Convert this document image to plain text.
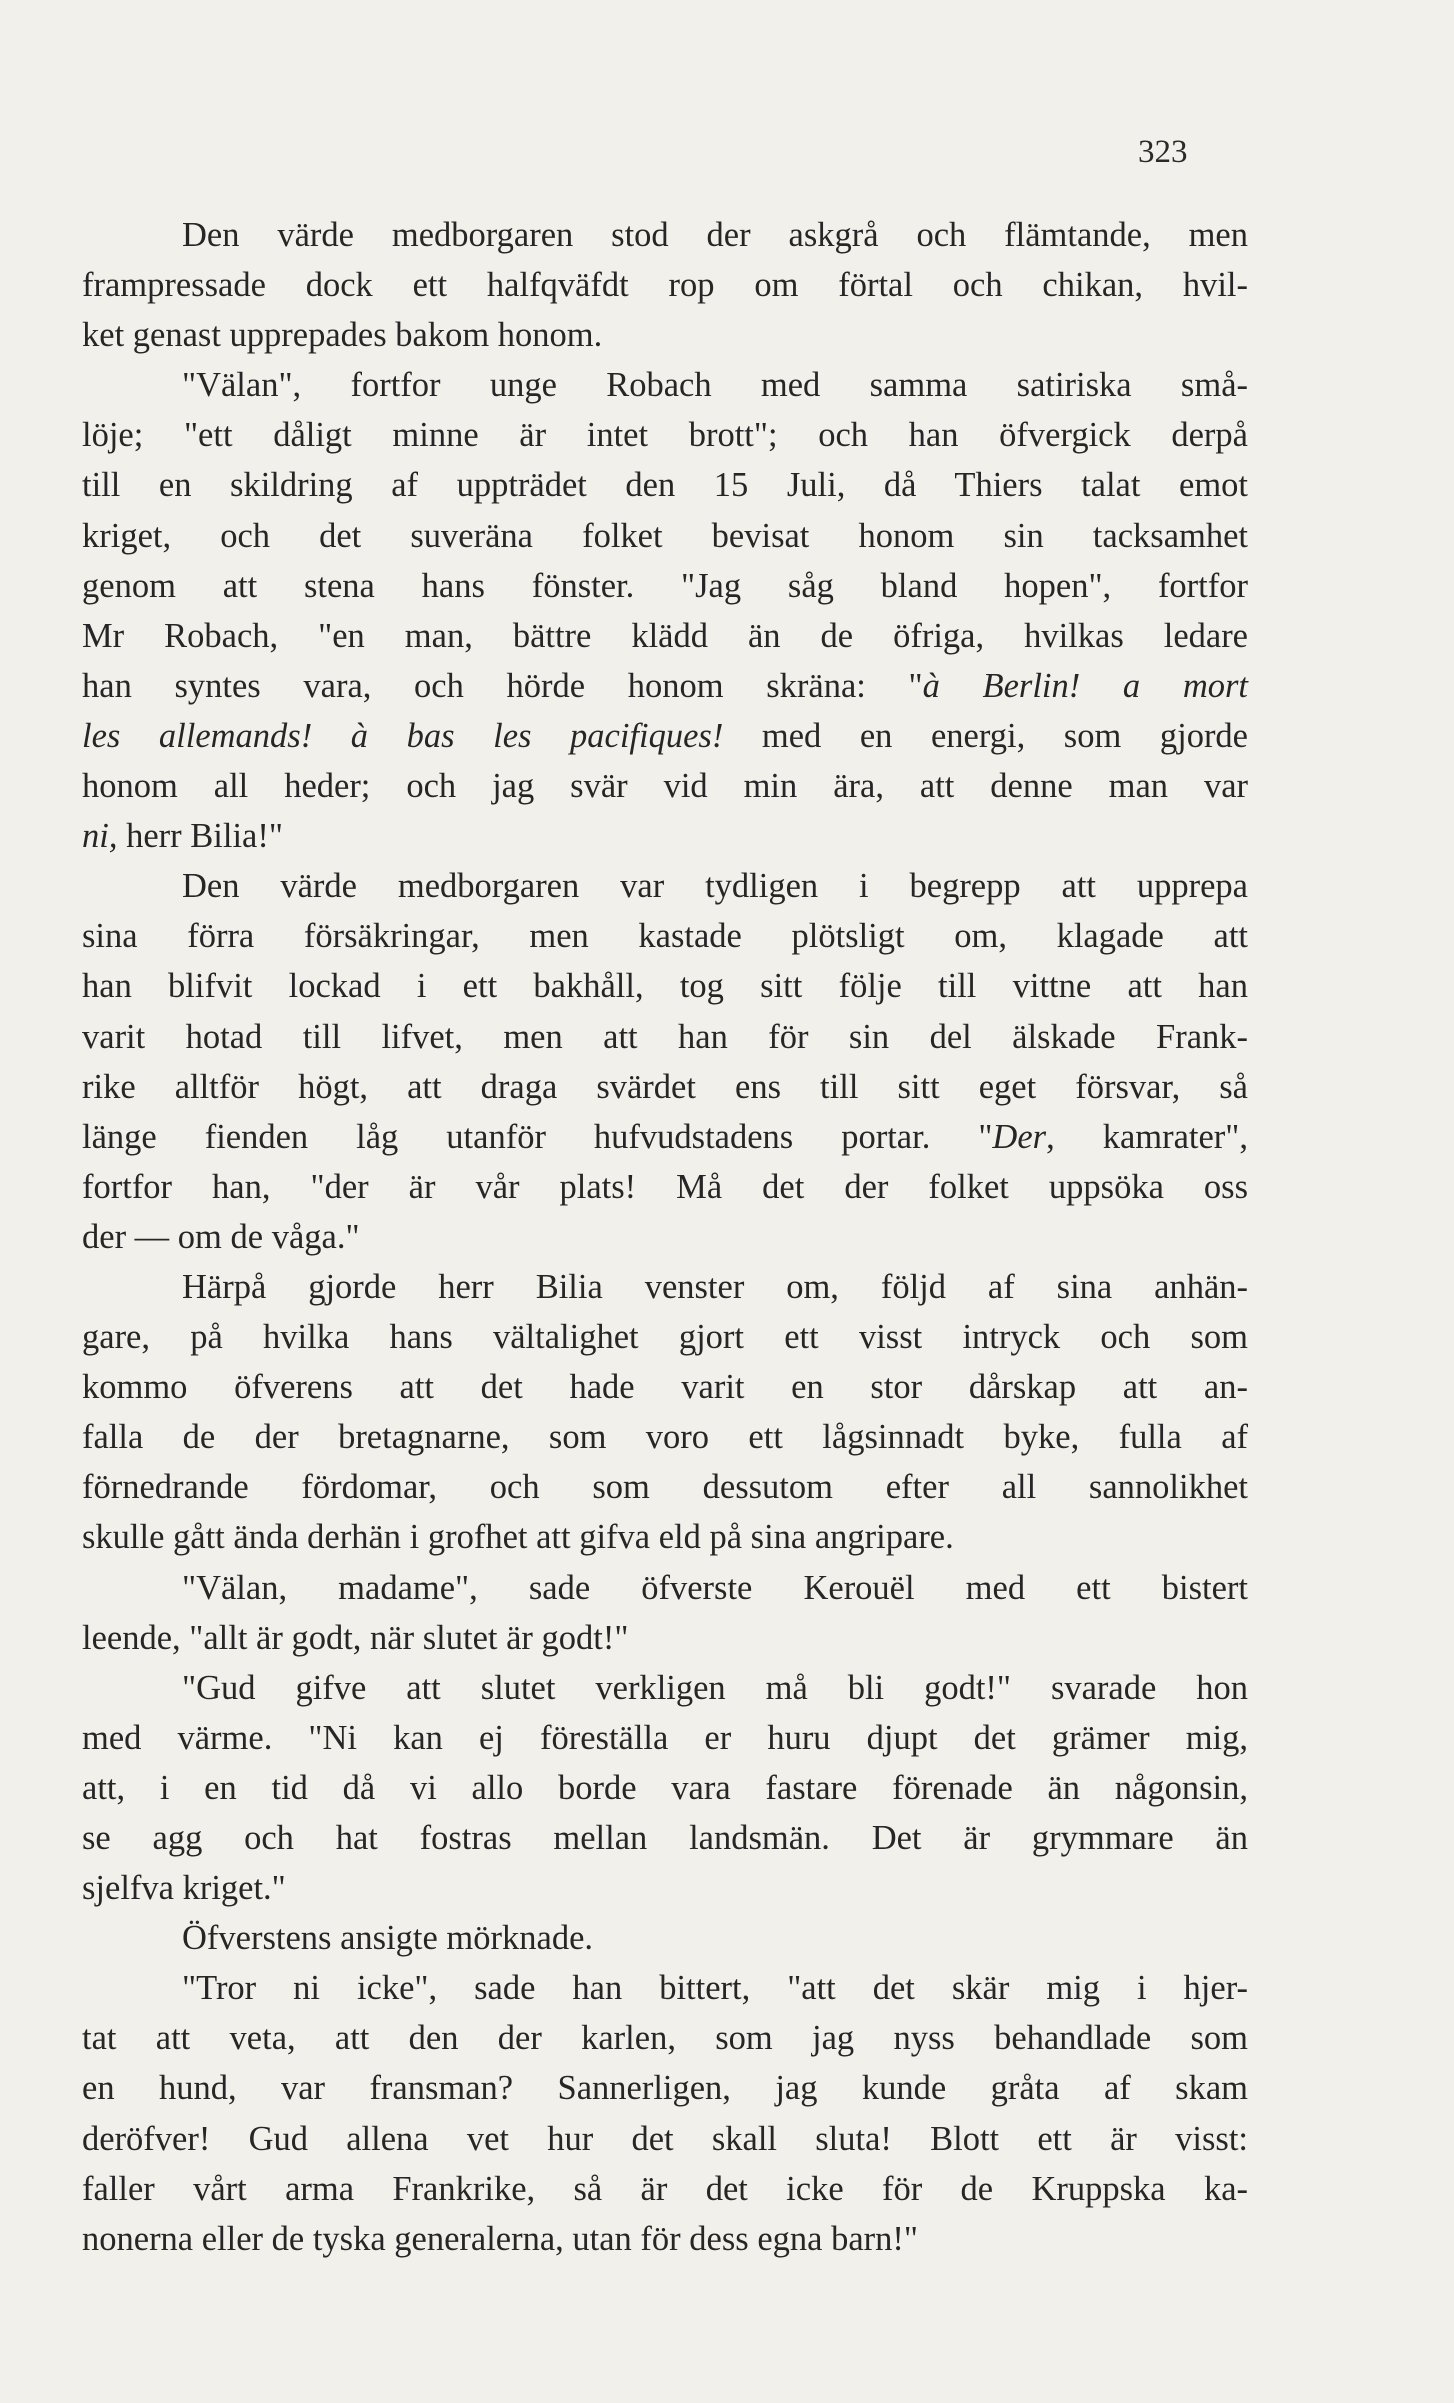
323
Den värde medborgaren stod der askgrå och flämtande, men
frampressade dock ett halfqväfdt rop om förtal och chikan, hvil-
ket genast upprepades bakom honom.
"Välan", fortfor unge Robach med samma satiriska små-
löje; "ett dåligt minne är intet brott"; och han öfvergick derpå
till en skildring af uppträdet den 15 Juli, då Thiers talat emot
kriget, och det suveräna folket bevisat honom sin tacksamhet
genom att stena hans fönster. "Jag såg bland hopen", fortfor
Mr Robach, "en man, bättre klädd än de öfriga, hvilkas ledare
han syntes vara, och hörde honom skräna: "à Berlin! a mort
les allemands! à bas les pacifiques! med en energi, som gjorde
honom all heder; och jag svär vid min ära, att denne man var
ni, herr Bilia!"
Den värde medborgaren var tydligen i begrepp att upprepa
sina förra försäkringar, men kastade plötsligt om, klagade att
han blifvit lockad i ett bakhåll, tog sitt följe till vittne att han
varit hotad till lifvet, men att han för sin del älskade Frank-
rike alltför högt, att draga svärdet ens till sitt eget försvar, så
länge fienden låg utanför hufvudstadens portar. "Der, kamrater",
fortfor han, "der är vår plats! Må det der folket uppsöka oss
der — om de våga."
Härpå gjorde herr Bilia venster om, följd af sina anhän-
gare, på hvilka hans vältalighet gjort ett visst intryck och som
kommo öfverens att det hade varit en stor dårskap att an-
falla de der bretagnarne, som voro ett lågsinnadt byke, fulla af
förnedrande fördomar, och som dessutom efter all sannolikhet
skulle gått ända derhän i grofhet att gifva eld på sina angripare.
"Välan, madame", sade öfverste Kerouël med ett bistert
leende, "allt är godt, när slutet är godt!"
"Gud gifve att slutet verkligen må bli godt!" svarade hon
med värme. "Ni kan ej föreställa er huru djupt det grämer mig,
att, i en tid då vi allo borde vara fastare förenade än någonsin,
se agg och hat fostras mellan landsmän. Det är grymmare än
sjelfva kriget."
Öfverstens ansigte mörknade.
"Tror ni icke", sade han bittert, "att det skär mig i hjer-
tat att veta, att den der karlen, som jag nyss behandlade som
en hund, var fransman? Sannerligen, jag kunde gråta af skam
deröfver! Gud allena vet hur det skall sluta! Blott ett är visst:
faller vårt arma Frankrike, så är det icke för de Kruppska ka-
nonerna eller de tyska generalerna, utan för dess egna barn!"
